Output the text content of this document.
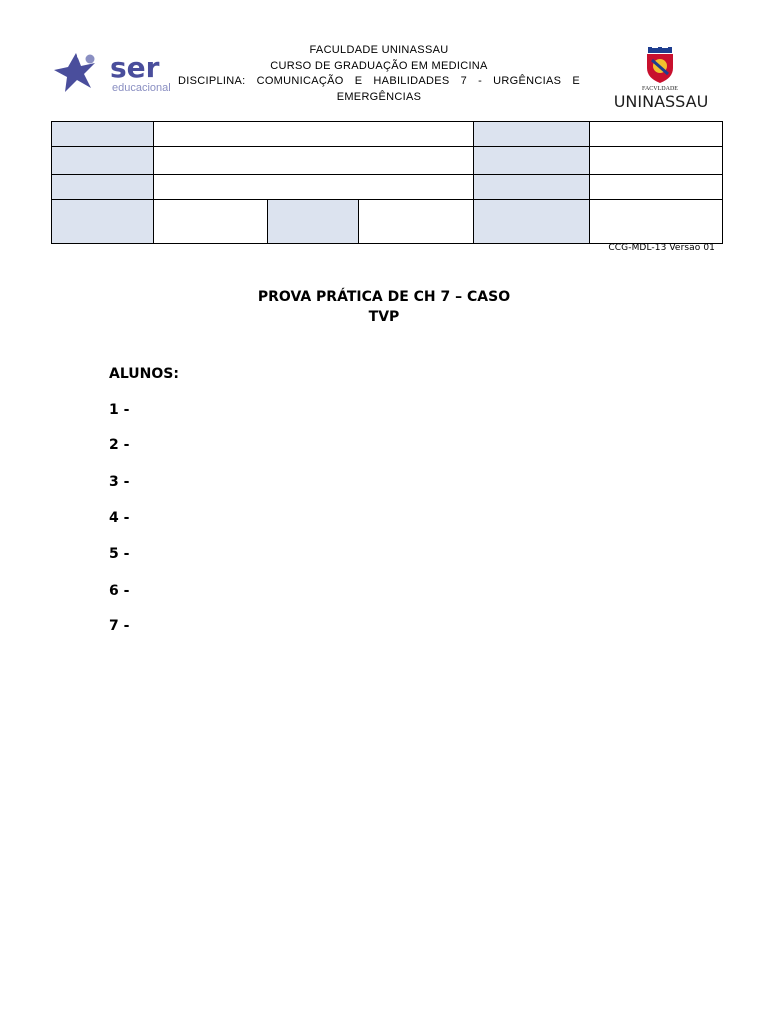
ser
educacional
FACULDADE UNINASSAU
CURSO DE GRADUAÇÃO EM MEDICINA
DISCIPLINA: COMUNICAÇÃO E HABILIDADES 7 - URGÊNCIAS E
EMERGÊNCIAS
FACVLDADE
UNINASSAU

CCG-MDL-13 Versão 01
PROVA PRÁTICA DE CH 7 – CASO
TVP
ALUNOS:
1 -
2 -
3 -
4 -
5 -
6 -
7 -
